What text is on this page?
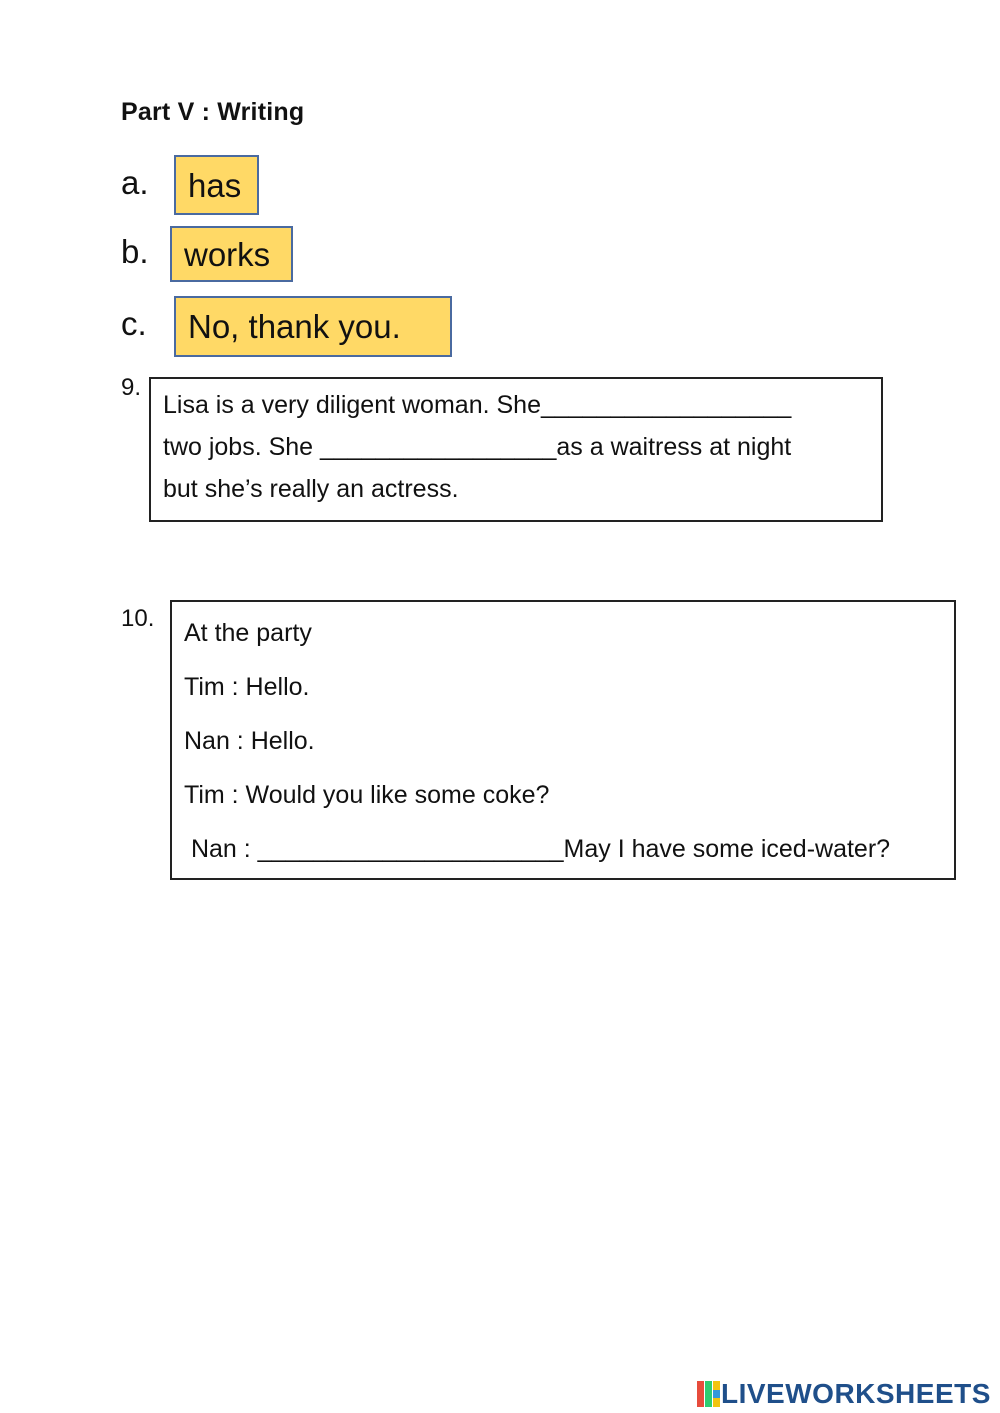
Part V : Writing
a.	has
b.	works
c.	No, thank you.
9.
Lisa is a very diligent woman. She__________________
two jobs. She _________________as a waitress at night
but she’s really an actress.
10.
At the party
Tim : Hello.
Nan : Hello.
Tim : Would you like some coke?
Nan : ______________________May I have some iced-water?
LIVEWORKSHEETS
